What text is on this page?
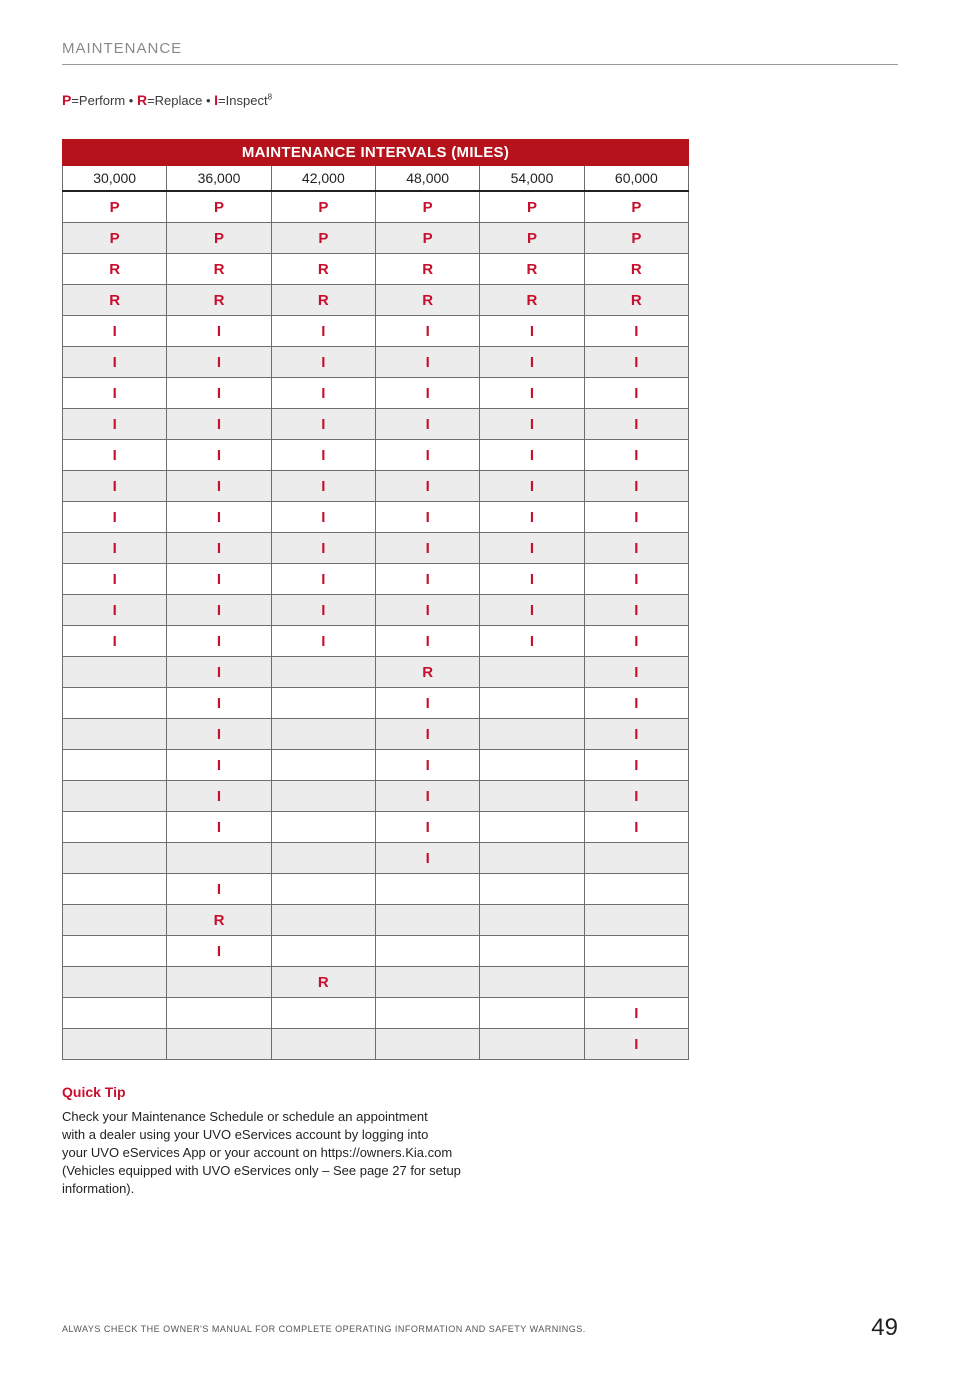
MAINTENANCE
P=Perform • R=Replace • I=Inspect$^8$
MAINTENANCE INTERVALS (MILES)
30,000	36,000	42,000	48,000	54,000	60,000
P	P	P	P	P	P
P	P	P	P	P	P
R	R	R	R	R	R
R	R	R	R	R	R
I	I	I	I	I	I
I	I	I	I	I	I
I	I	I	I	I	I
I	I	I	I	I	I
I	I	I	I	I	I
I	I	I	I	I	I
I	I	I	I	I	I
I	I	I	I	I	I
I	I	I	I	I	I
I	I	I	I	I	I
I	I	I	I	I	I
	I		R		I
	I		I		I
	I		I		I
	I		I		I
	I		I		I
	I		I		I
			I		
	I				
	R				
	I				
		R			
					I
					I
Quick Tip
Check your Maintenance Schedule or schedule an appointment
with a dealer using your UVO eServices account by logging into
your UVO eServices App or your account on https://owners.Kia.com
(Vehicles equipped with UVO eServices only – See page 27 for setup
information).
ALWAYS CHECK THE OWNER'S MANUAL FOR COMPLETE OPERATING INFORMATION AND SAFETY WARNINGS.	49
